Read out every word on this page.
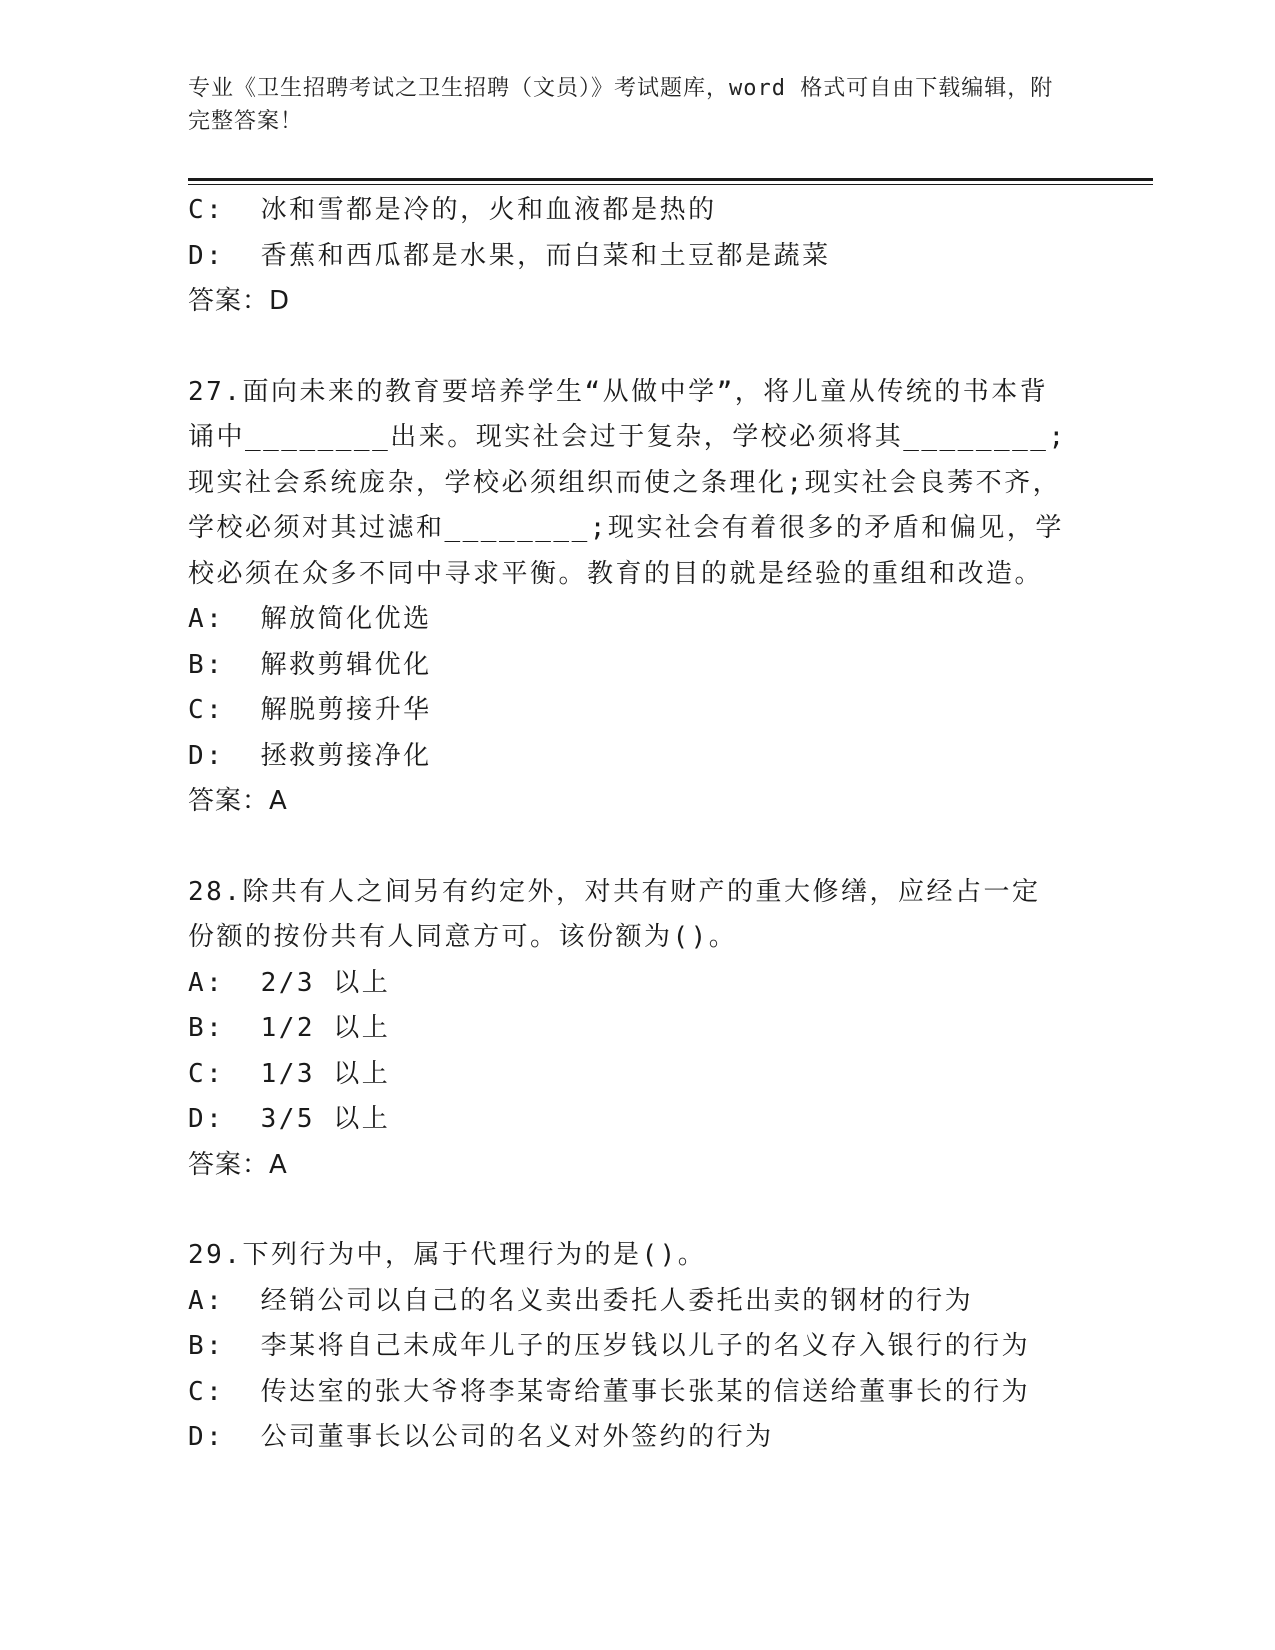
专业《卫生招聘考试之卫生招聘（文员）》考试题库，word 格式可自由下载编辑，附完整答案！

C:  冰和雪都是冷的，火和血液都是热的

D:  香蕉和西瓜都是水果，而白菜和土豆都是蔬菜

答案：D

27.面向未来的教育要培养学生“从做中学”，将儿童从传统的书本背诵中________出来。现实社会过于复杂，学校必须将其________;现实社会系统庞杂，学校必须组织而使之条理化;现实社会良莠不齐，学校必须对其过滤和________;现实社会有着很多的矛盾和偏见，学校必须在众多不同中寻求平衡。教育的目的就是经验的重组和改造。

A:  解放简化优选

B:  解救剪辑优化

C:  解脱剪接升华

D:  拯救剪接净化

答案：A

28.除共有人之间另有约定外，对共有财产的重大修缮，应经占一定份额的按份共有人同意方可。该份额为()。

A:  2/3 以上

B:  1/2 以上

C:  1/3 以上

D:  3/5 以上

答案：A

29.下列行为中，属于代理行为的是()。

A:  经销公司以自己的名义卖出委托人委托出卖的钢材的行为

B:  李某将自己未成年儿子的压岁钱以儿子的名义存入银行的行为

C:  传达室的张大爷将李某寄给董事长张某的信送给董事长的行为

D:  公司董事长以公司的名义对外签约的行为
